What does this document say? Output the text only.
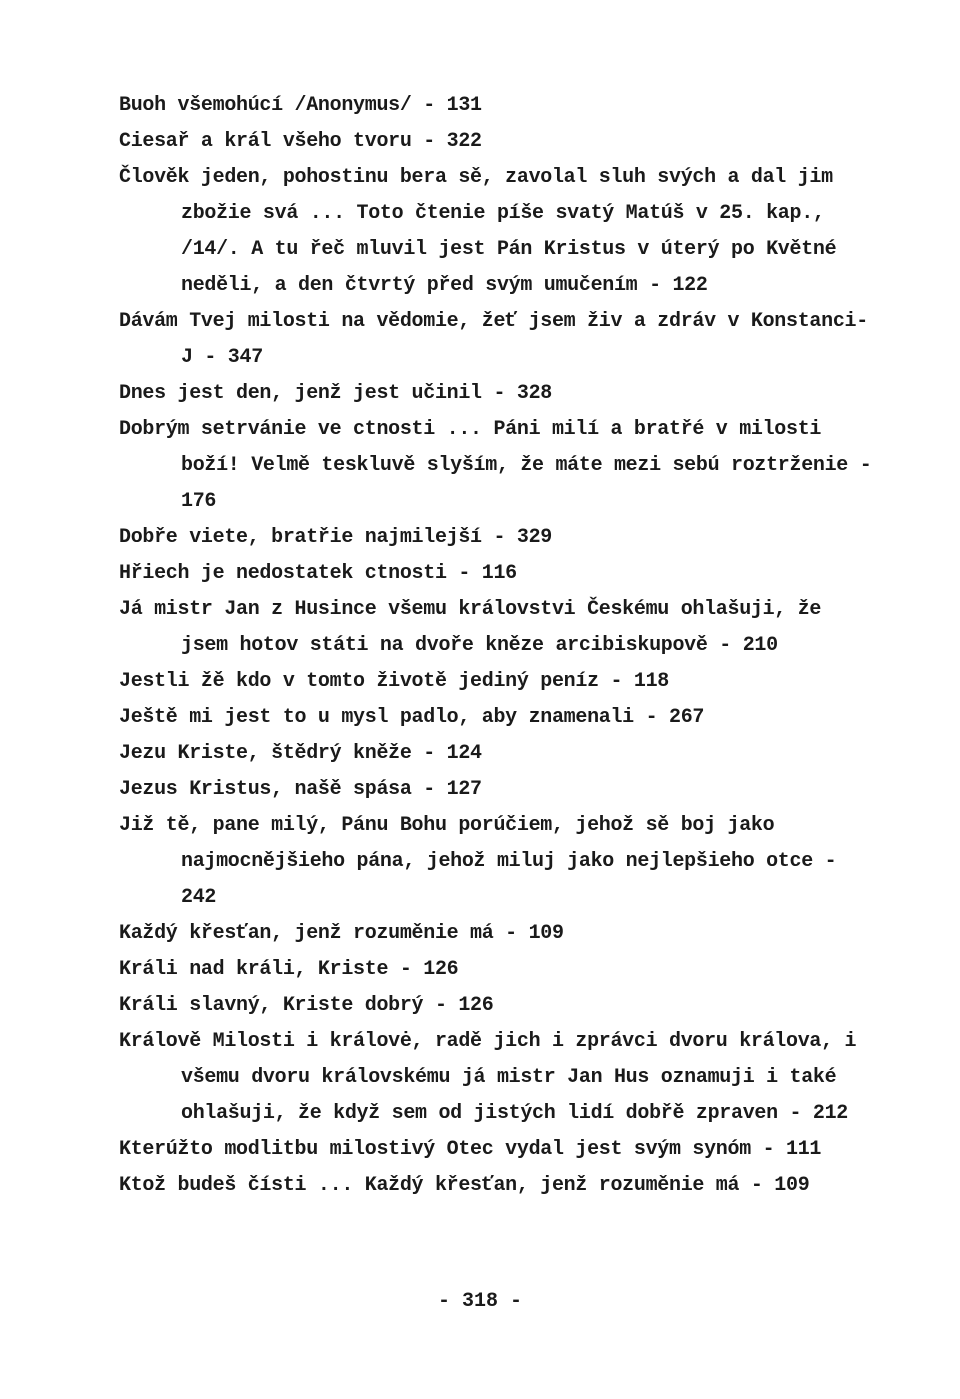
Buoh všemohúcí /Anonymus/ - 131
Ciesař a král všeho tvoru - 322
Člověk jeden, pohostinu bera sě, zavolal sluh svých a dal jim zbožie svá ... Toto čtenie píše svatý Matúš v 25. kap., /14/. A tu řeč mluvil jest Pán Kristus v úterý po Květné neděli, a den čtvrtý před svým umučením - 122
Dávám Tvej milosti na vědomie, žeť jsem živ a zdráv v Konstanci-J - 347
Dnes jest den, jenž jest učinil - 328
Dobrým setrvánie ve ctnosti ... Páni milí a bratřé v milosti boží! Velmě teskluvě slyším, že máte mezi sebú roztrženie - 176
Dobře viete, bratřie najmilejší - 329
Hřiech je nedostatek ctnosti - 116
Já mistr Jan z Husince všemu královstvi Českému ohlašuji, že jsem hotov státi na dvoře kněze arcibiskupově - 210
Jestli žě kdo v tomto životě jediný peníz - 118
Ještě mi jest to u mysl padlo, aby znamenali - 267
Jezu Kriste, štědrý kněže - 124
Jezus Kristus, našě spása - 127
Již tě, pane milý, Pánu Bohu porúčiem, jehož sě boj jako najmocnějšieho pána, jehož miluj jako nejlepšieho otce - 242
Každý křesťan, jenž rozuměnie má - 109
Králi nad králi, Kriste - 126
Králi slavný, Kriste dobrý - 126
Králově Milosti i královė, radě jich i zprávci dvoru králova, i všemu dvoru královskému já mistr Jan Hus oznamuji i také ohlašuji, že když sem od jistých lidí dobřě zpraven - 212
Kterúžto modlitbu milostivý Otec vydal jest svým synóm - 111
Ktož budeš čísti ... Každý křesťan, jenž rozuměnie má - 109
- 318 -
